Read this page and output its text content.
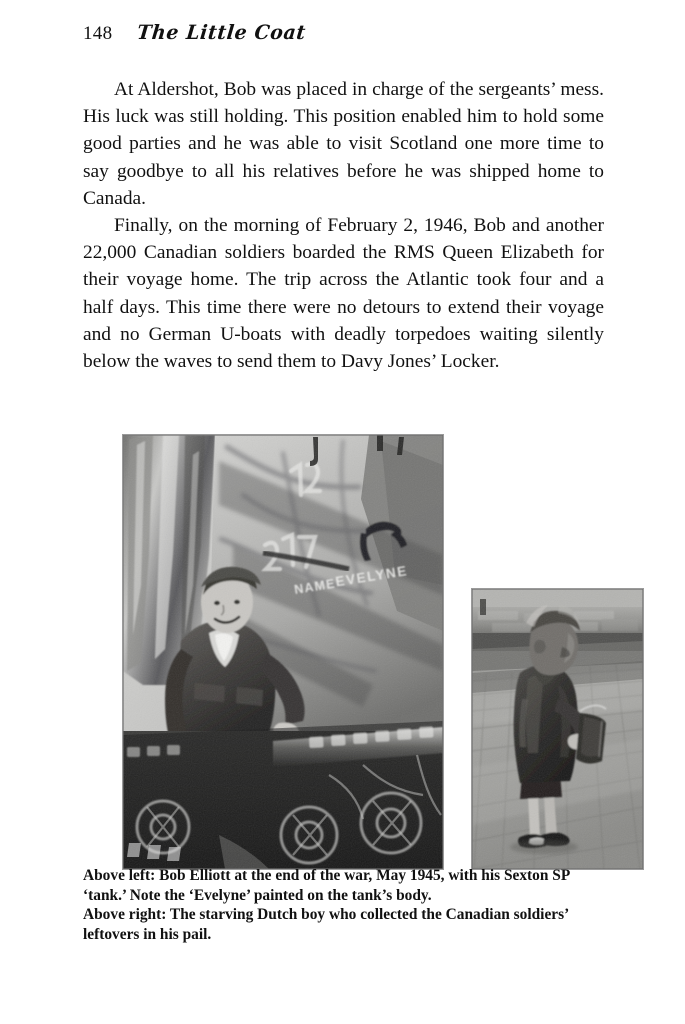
148 The Little Coat

At Aldershot, Bob was placed in charge of the sergeants’ mess. His luck was still holding. This position enabled him to hold some good parties and he was able to visit Scotland one more time to say goodbye to all his relatives before he was shipped home to Canada.

Finally, on the morning of February 2, 1946, Bob and another 22,000 Canadian soldiers boarded the RMS Queen Elizabeth for their voyage home. The trip across the Atlantic took four and a half days. This time there were no detours to extend their voyage and no German U-boats with deadly torpedoes waiting silently below the waves to send them to Davy Jones’ Locker.

Above left: Bob Elliott at the end of the war, May 1945, with his Sexton SP
‘tank.’ Note the ‘Evelyne’ painted on the tank’s body.
Above right: The starving Dutch boy who collected the Canadian soldiers’
leftovers in his pail.
